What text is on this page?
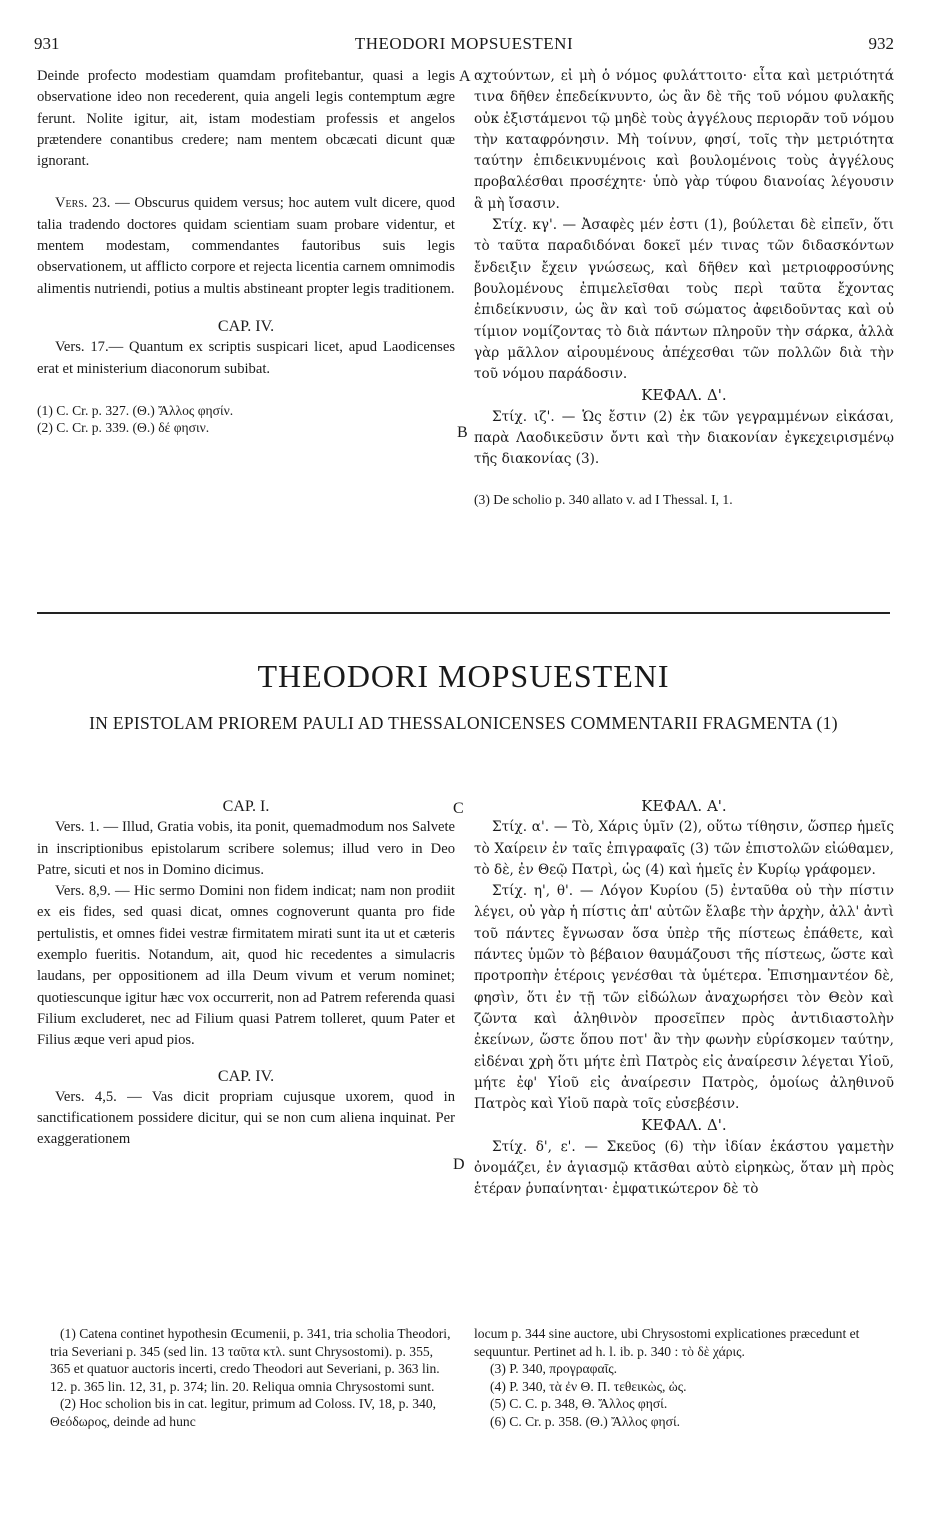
931	THEODORI MOPSUESTENI	932

Deinde profecto modestiam quamdam profitebantur, quasi a legis observatione ideo non recederent, quia angeli legis contemptum ægre ferunt. Nolite igitur, ait, istam modestiam professis et angelos prætendere conantibus credere; nam mentem obcæcati dicunt quæ ignorant.

Vers. 23. — Obscurus quidem versus; hoc autem vult dicere, quod talia tradendo doctores quidam scientiam suam probare videntur, et mentem modestam, commendantes fautoribus suis legis observationem, ut afflicto corpore et rejecta licentia carnem omnimodis alimentis nutriendi, potius a multis abstineant propter legis traditionem.

CAP. IV.

Vers. 17.— Quantum ex scriptis suspicari licet, apud Laodicenses erat et ministerium diaconorum subibat.

(1) C. Cr. p. 327. (Θ.) Ἄλλος φησίν.

(2) C. Cr. p. 339. (Θ.) δέ φησιν.

A
B

αχτούντων, εἰ μὴ ὁ νόμος φυλάττοιτο· εἶτα καὶ μετριότητά τινα δῆθεν ἐπεδείκνυντο, ὡς ἂν δὲ τῆς τοῦ νόμου φυλακῆς οὐκ ἐξιστάμενοι τῷ μηδὲ τοὺς ἀγγέλους περιορᾶν τοῦ νόμου τὴν καταφρόνησιν. Μὴ τοίνυν, φησί, τοῖς τὴν μετριότητα ταύτην ἐπιδεικνυμένοις καὶ βουλομένοις τοὺς ἀγγέλους προβαλέσθαι προσέχητε· ὑπὸ γὰρ τύφου διανοίας λέγουσιν ἃ μὴ ἴσασιν.

Στίχ. κγ'. — Ἀσαφὲς μέν ἐστι (1), βούλεται δὲ εἰπεῖν, ὅτι τὸ ταῦτα παραδιδόναι δοκεῖ μέν τινας τῶν διδασκόντων ἔνδειξιν ἔχειν γνώσεως, καὶ δῆθεν καὶ μετριοφροσύνης βουλομένους ἐπιμελεῖσθαι τοὺς περὶ ταῦτα ἔχοντας ἐπιδείκνυσιν, ὡς ἂν καὶ τοῦ σώματος ἀφειδοῦντας καὶ οὐ τίμιον νομίζοντας τὸ διὰ πάντων πληροῦν τὴν σάρκα, ἀλλὰ γὰρ μᾶλλον αἱρουμένους ἀπέχεσθαι τῶν πολλῶν διὰ τὴν τοῦ νόμου παράδοσιν.

ΚΕΦΑΛ. Δ'.

Στίχ. ιζ'. — Ὡς ἔστιν (2) ἐκ τῶν γεγραμμένων εἰκάσαι, παρὰ Λαοδικεῦσιν ὄντι καὶ τὴν διακονίαν ἐγκεχειρισμένῳ τῆς διακονίας (3).

(3) De scholio p. 340 allato v. ad I Thessal. I, 1.

THEODORI MOPSUESTENI
IN EPISTOLAM PRIOREM PAULI AD THESSALONICENSES COMMENTARII FRAGMENTA (1)

CAP. I.

Vers. 1. — Illud, Gratia vobis, ita ponit, quemadmodum nos Salvete in inscriptionibus epistolarum scribere solemus; illud vero in Deo Patre, sicuti et nos in Domino dicimus.

Vers. 8,9. — Hic sermo Domini non fidem indicat; nam non prodiit ex eis fides, sed quasi dicat, omnes cognoverunt quanta pro fide pertulistis, et omnes fidei vestræ firmitatem mirati sunt ita ut et cæteris exemplo fueritis. Notandum, ait, quod hic recedentes a simulacris laudans, per oppositionem ad illa Deum vivum et verum nominet; quotiescunque igitur hæc vox occurrerit, non ad Patrem referenda quasi Filium excluderet, nec ad Filium quasi Patrem tolleret, quum Pater et Filius æque veri apud pios.

CAP. IV.

Vers. 4,5. — Vas dicit propriam cujusque uxorem, quod in sanctificationem possidere dicitur, qui se non cum aliena inquinat. Per exaggerationem

C
D

ΚΕΦΑΛ. Α'.

Στίχ. α'. — Τὸ, Χάρις ὑμῖν (2), οὕτω τίθησιν, ὥσπερ ἡμεῖς τὸ Χαίρειν ἐν ταῖς ἐπιγραφαῖς (3) τῶν ἐπιστολῶν εἰώθαμεν, τὸ δὲ, ἐν Θεῷ Πατρὶ, ὡς (4) καὶ ἡμεῖς ἐν Κυρίῳ γράφομεν.

Στίχ. η', θ'. — Λόγον Κυρίου (5) ἐνταῦθα οὐ τὴν πίστιν λέγει, οὐ γὰρ ἡ πίστις ἀπ' αὐτῶν ἔλαβε τὴν ἀρχὴν, ἀλλ' ἀντὶ τοῦ πάντες ἔγνωσαν ὅσα ὑπὲρ τῆς πίστεως ἐπάθετε, καὶ πάντες ὑμῶν τὸ βέβαιον θαυμάζουσι τῆς πίστεως, ὥστε καὶ προτροπὴν ἑτέροις γενέσθαι τὰ ὑμέτερα. Ἐπισημαντέον δὲ, φησὶν, ὅτι ἐν τῇ τῶν εἰδώλων ἀναχωρήσει τὸν Θεὸν καὶ ζῶντα καὶ ἀληθινὸν προσεῖπεν πρὸς ἀντιδιαστολὴν ἐκείνων, ὥστε ὅπου ποτ' ἂν τὴν φωνὴν εὑρίσκομεν ταύτην, εἰδέναι χρὴ ὅτι μήτε ἐπὶ Πατρὸς εἰς ἀναίρεσιν λέγεται Υἱοῦ, μήτε ἐφ' Υἱοῦ εἰς ἀναίρεσιν Πατρὸς, ὁμοίως ἀληθινοῦ Πατρὸς καὶ Υἱοῦ παρὰ τοῖς εὐσεβέσιν.

ΚΕΦΑΛ. Δ'.

Στίχ. δ', ε'. — Σκεῦος (6) τὴν ἰδίαν ἑκάστου γαμετὴν ὀνομάζει, ἐν ἁγιασμῷ κτᾶσθαι αὐτὸ εἰρηκὼς, ὅταν μὴ πρὸς ἑτέραν ῥυπαίνηται· ἐμφατικώτερον δὲ τὸ

(1) Catena continet hypothesin Œcumenii, p. 341, tria scholia Theodori, tria Severiani p. 345 (sed lin. 13 ταῦτα κτλ. sunt Chrysostomi). p. 355, 365 et quatuor auctoris incerti, credo Theodori aut Severiani, p. 363 lin. 12. p. 365 lin. 12, 31, p. 374; lin. 20. Reliqua omnia Chrysostomi sunt.

(2) Hoc scholion bis in cat. legitur, primum ad Coloss. IV, 18, p. 340, Θεόδωρος, deinde ad hunc

locum p. 344 sine auctore, ubi Chrysostomi explicationes præcedunt et sequuntur. Pertinet ad h. l. ib. p. 340 : τὸ δὲ χάρις.

(3) P. 340, προγραφαῖς.

(4) P. 340, τὰ ἐν Θ. Π. τεθεικὼς, ὡς.

(5) C. C. p. 348, Θ. Ἄλλος φησί.

(6) C. Cr. p. 358. (Θ.) Ἄλλος φησί.
